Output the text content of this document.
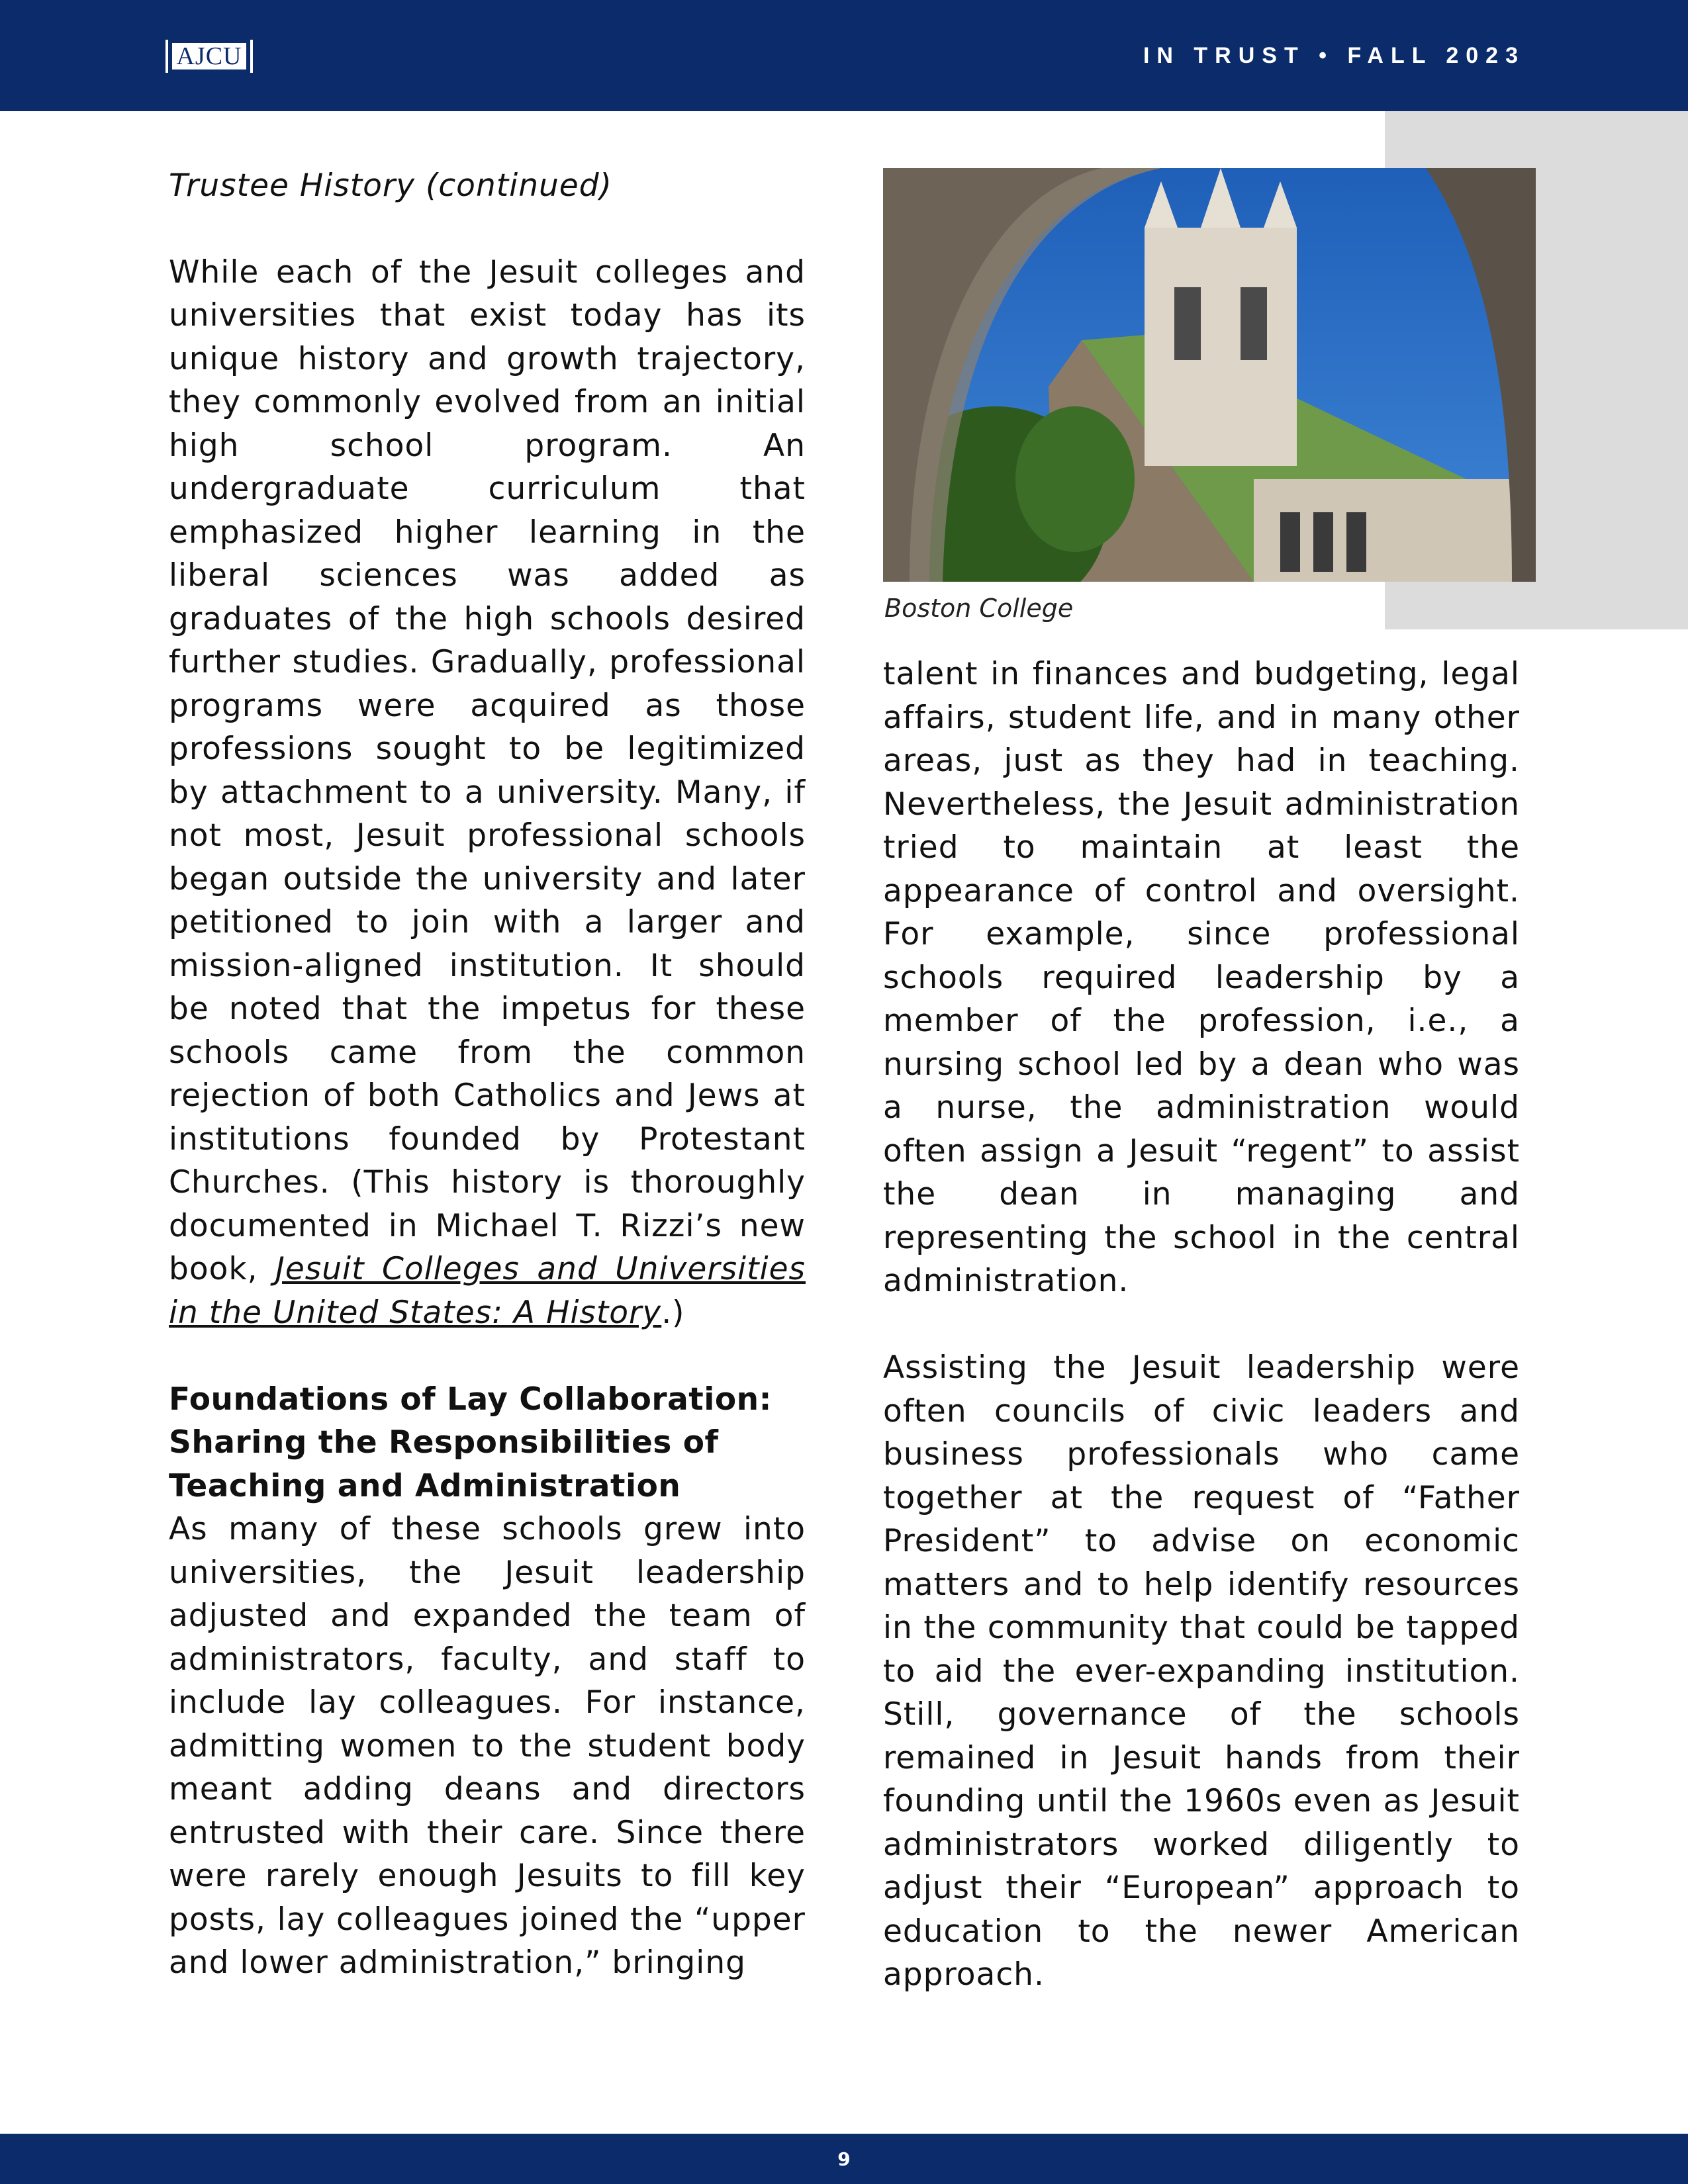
AJCU	IN TRUST • FALL 2023
Boston College

Trustee History (continued)

While each of the Jesuit colleges and universities that exist today has its unique history and growth trajectory, they commonly evolved from an initial high school program. An undergraduate curriculum that emphasized higher learning in the liberal sciences was added as graduates of the high schools desired further studies. Gradually, professional programs were acquired as those professions sought to be legitimized by attachment to a university. Many, if not most, Jesuit professional schools began outside the university and later petitioned to join with a larger and mission-aligned institution. It should be noted that the impetus for these schools came from the common rejection of both Catholics and Jews at institutions founded by Protestant Churches. (This history is thoroughly documented in Michael T. Rizzi’s new book, Jesuit Colleges and Universities in the United States: A History.)

Foundations of Lay Collaboration: Sharing the Responsibilities of Teaching and Administration

As many of these schools grew into universities, the Jesuit leadership adjusted and expanded the team of administrators, faculty, and staff to include lay colleagues. For instance, admitting women to the student body meant adding deans and directors entrusted with their care. Since there were rarely enough Jesuits to fill key posts, lay colleagues joined the “upper and lower administration,” bringing

talent in finances and budgeting, legal affairs, student life, and in many other areas, just as they had in teaching. Nevertheless, the Jesuit administration tried to maintain at least the appearance of control and oversight. For example, since professional schools required leadership by a member of the profession, i.e., a nursing school led by a dean who was a nurse, the administration would often assign a Jesuit “regent” to assist the dean in managing and representing the school in the central administration.

Assisting the Jesuit leadership were often councils of civic leaders and business professionals who came together at the request of “Father President” to advise on economic matters and to help identify resources in the community that could be tapped to aid the ever-expanding institution. Still, governance of the schools remained in Jesuit hands from their founding until the 1960s even as Jesuit administrators worked diligently to adjust their “European” approach to education to the newer American approach.

9
